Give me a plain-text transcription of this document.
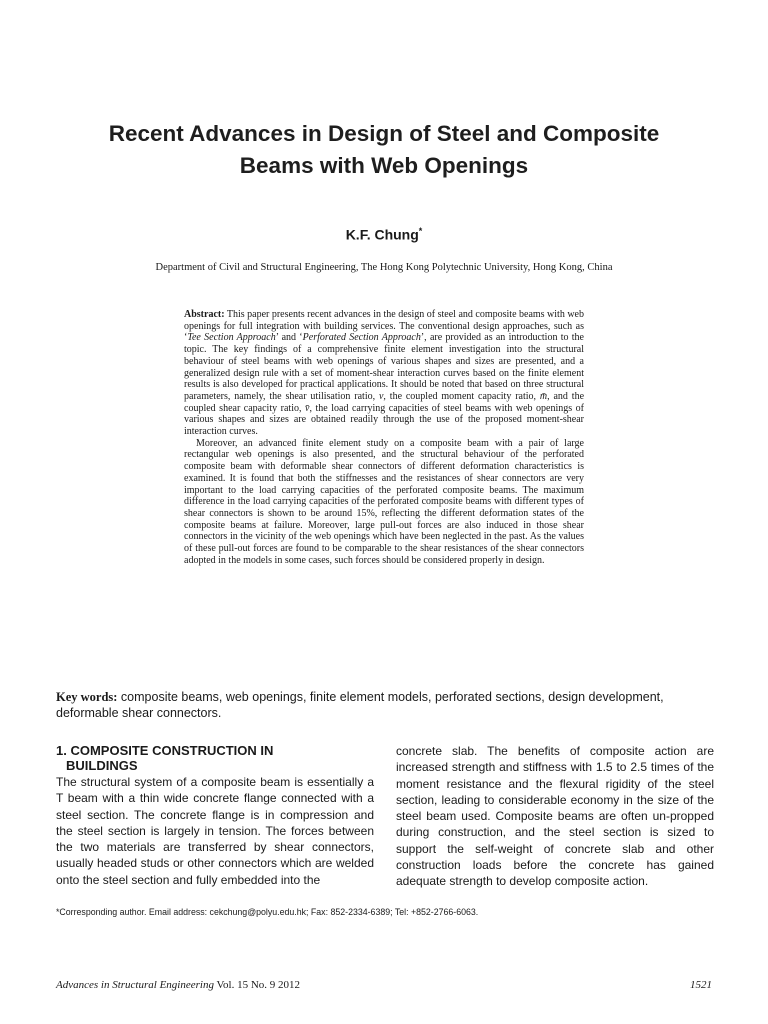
Recent Advances in Design of Steel and Composite
Beams with Web Openings
K.F. Chung*
Department of Civil and Structural Engineering, The Hong Kong Polytechnic University, Hong Kong, China

Abstract: This paper presents recent advances in the design of steel and composite beams with web openings for full integration with building services. The conventional design approaches, such as ‘Tee Section Approach’ and ‘Perforated Section Approach’, are provided as an introduction to the topic. The key findings of a comprehensive finite element investigation into the structural behaviour of steel beams with web openings of various shapes and sizes are presented, and a generalized design rule with a set of moment-shear interaction curves based on the finite element results is also developed for practical applications. It should be noted that based on three structural parameters, namely, the shear utilisation ratio, ν, the coupled moment capacity ratio, m̄, and the coupled shear capacity ratio, v̄, the load carrying capacities of steel beams with web openings of various shapes and sizes are obtained readily through the use of the proposed moment-shear interaction curves.

Moreover, an advanced finite element study on a composite beam with a pair of large rectangular web openings is also presented, and the structural behaviour of the perforated composite beam with deformable shear connectors of different deformation characteristics is examined. It is found that both the stiffnesses and the resistances of shear connectors are very important to the load carrying capacities of the perforated composite beams. The maximum difference in the load carrying capacities of the perforated composite beams with different types of shear connectors is shown to be around 15%, reflecting the different deformation states of the composite beams at failure. Moreover, large pull-out forces are also induced in those shear connectors in the vicinity of the web openings which have been neglected in the past. As the values of these pull-out forces are found to be comparable to the shear resistances of the shear connectors adopted in the models in some cases, such forces should be considered properly in design.

Key words: composite beams, web openings, finite element models, perforated sections, design development, deformable shear connectors.
1. COMPOSITE CONSTRUCTION IN
BUILDINGS

The structural system of a composite beam is essentially a T beam with a thin wide concrete flange connected with a steel section. The concrete flange is in compression and the steel section is largely in tension. The forces between the two materials are transferred by shear connectors, usually headed studs or other connectors which are welded onto the steel section and fully embedded into the

concrete slab. The benefits of composite action are increased strength and stiffness with 1.5 to 2.5 times of the moment resistance and the flexural rigidity of the steel section, leading to considerable economy in the size of the steel beam used. Composite beams are often un-propped during construction, and the steel section is sized to support the self-weight of concrete slab and other construction loads before the concrete has gained adequate strength to develop composite action.

*Corresponding author. Email address: cekchung@polyu.edu.hk; Fax: 852-2334-6389; Tel: +852-2766-6063.
Advances in Structural Engineering Vol. 15 No. 9 2012	1521
